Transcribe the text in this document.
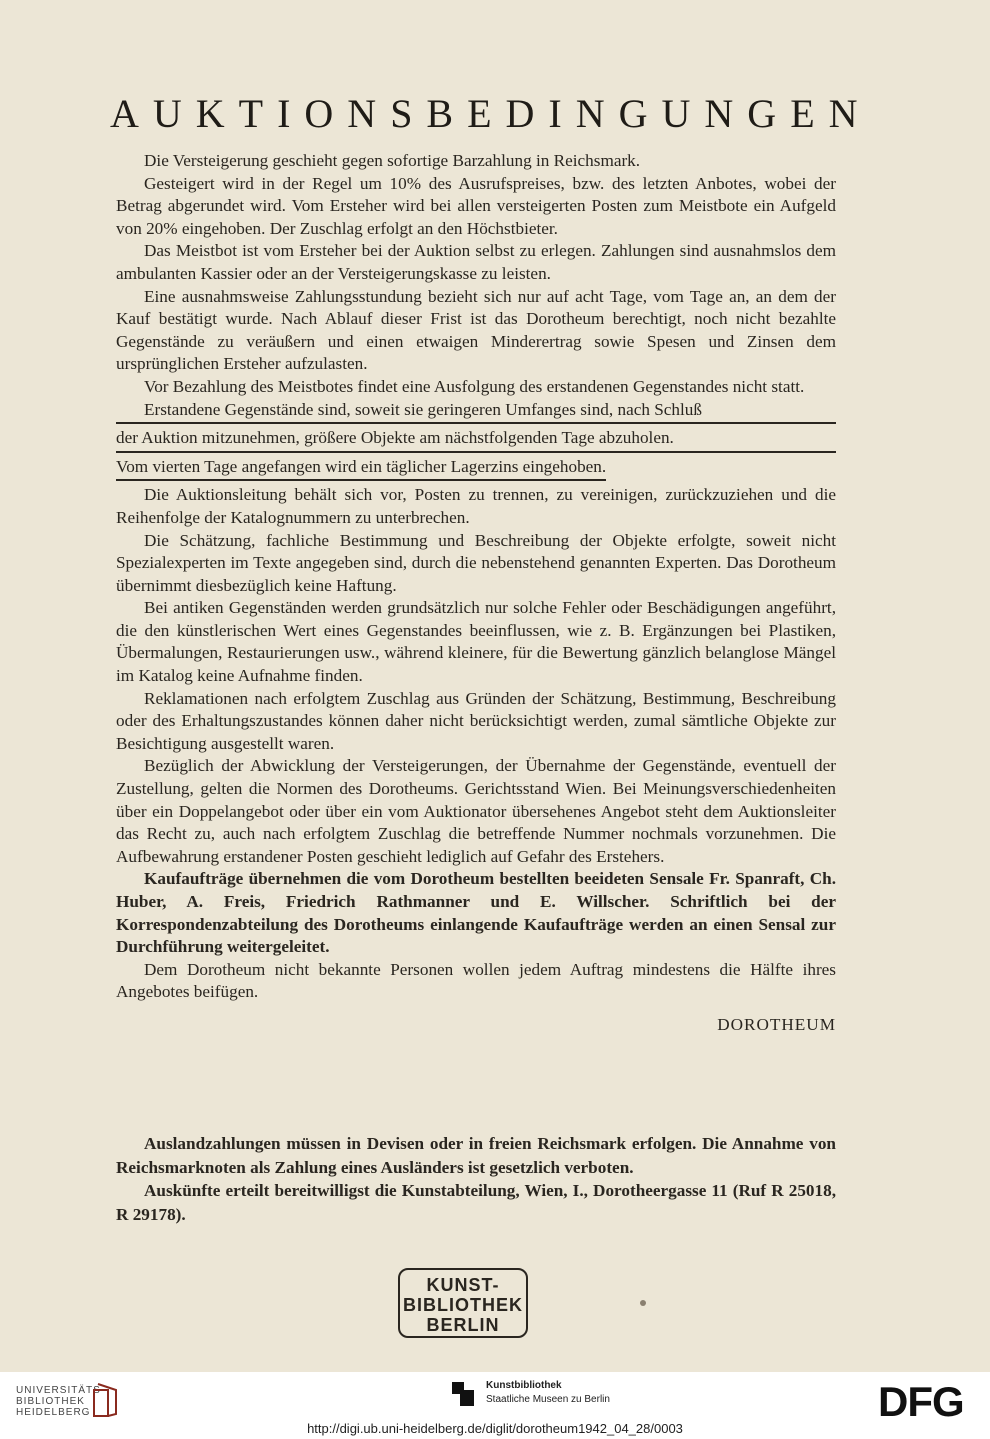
AUKTIONSBEDINGUNGEN

Die Versteigerung geschieht gegen sofortige Barzahlung in Reichsmark.

Gesteigert wird in der Regel um 10% des Ausrufspreises, bzw. des letzten Anbotes, wobei der Betrag abgerundet wird. Vom Ersteher wird bei allen versteigerten Posten zum Meistbote ein Aufgeld von 20% eingehoben. Der Zuschlag erfolgt an den Höchstbieter.

Das Meistbot ist vom Ersteher bei der Auktion selbst zu erlegen. Zahlungen sind ausnahmslos dem ambulanten Kassier oder an der Versteigerungskasse zu leisten.

Eine ausnahmsweise Zahlungsstundung bezieht sich nur auf acht Tage, vom Tage an, an dem der Kauf bestätigt wurde. Nach Ablauf dieser Frist ist das Dorotheum berechtigt, noch nicht bezahlte Gegenstände zu veräußern und einen etwaigen Minderertrag sowie Spesen und Zinsen dem ursprünglichen Ersteher aufzulasten.

Vor Bezahlung des Meistbotes findet eine Ausfolgung des erstandenen Gegenstandes nicht statt.

Erstandene Gegenstände sind, soweit sie geringeren Umfanges sind, nach Schluß

der Auktion mitzunehmen, größere Objekte am nächstfolgenden Tage abzuholen.

Vom vierten Tage angefangen wird ein täglicher Lagerzins eingehoben.

Die Auktionsleitung behält sich vor, Posten zu trennen, zu vereinigen, zurückzuziehen und die Reihenfolge der Katalognummern zu unterbrechen.

Die Schätzung, fachliche Bestimmung und Beschreibung der Objekte erfolgte, soweit nicht Spezialexperten im Texte angegeben sind, durch die nebenstehend genannten Experten. Das Dorotheum übernimmt diesbezüglich keine Haftung.

Bei antiken Gegenständen werden grundsätzlich nur solche Fehler oder Beschädigungen angeführt, die den künstlerischen Wert eines Gegenstandes beeinflussen, wie z. B. Ergänzungen bei Plastiken, Übermalungen, Restaurierungen usw., während kleinere, für die Bewertung gänzlich belanglose Mängel im Katalog keine Aufnahme finden.

Reklamationen nach erfolgtem Zuschlag aus Gründen der Schätzung, Bestimmung, Beschreibung oder des Erhaltungszustandes können daher nicht berücksichtigt werden, zumal sämtliche Objekte zur Besichtigung ausgestellt waren.

Bezüglich der Abwicklung der Versteigerungen, der Übernahme der Gegenstände, eventuell der Zustellung, gelten die Normen des Dorotheums. Gerichtsstand Wien. Bei Meinungsverschiedenheiten über ein Doppelangebot oder über ein vom Auktionator übersehenes Angebot steht dem Auktionsleiter das Recht zu, auch nach erfolgtem Zuschlag die betreffende Nummer nochmals vorzunehmen. Die Aufbewahrung erstandener Posten geschieht lediglich auf Gefahr des Erstehers.

Kaufaufträge übernehmen die vom Dorotheum bestellten beeideten Sensale Fr. Spanraft, Ch. Huber, A. Freis, Friedrich Rathmanner und E. Willscher. Schriftlich bei der Korrespondenzabteilung des Dorotheums einlangende Kaufaufträge werden an einen Sensal zur Durchführung weitergeleitet.

Dem Dorotheum nicht bekannte Personen wollen jedem Auftrag mindestens die Hälfte ihres Angebotes beifügen.

DOROTHEUM

Auslandzahlungen müssen in Devisen oder in freien Reichsmark erfolgen. Die Annahme von Reichsmarknoten als Zahlung eines Ausländers ist gesetzlich verboten.

Auskünfte erteilt bereitwilligst die Kunstabteilung, Wien, I., Dorotheergasse 11 (Ruf R 25018, R 29178).

KUNST-
BIBLIOTHEK
BERLIN
UNIVERSITÄTS-
BIBLIOTHEK
HEIDELBERG
Kunstbibliothek
Staatliche Museen zu Berlin	DFG
http://digi.ub.uni-heidelberg.de/diglit/dorotheum1942_04_28/0003
